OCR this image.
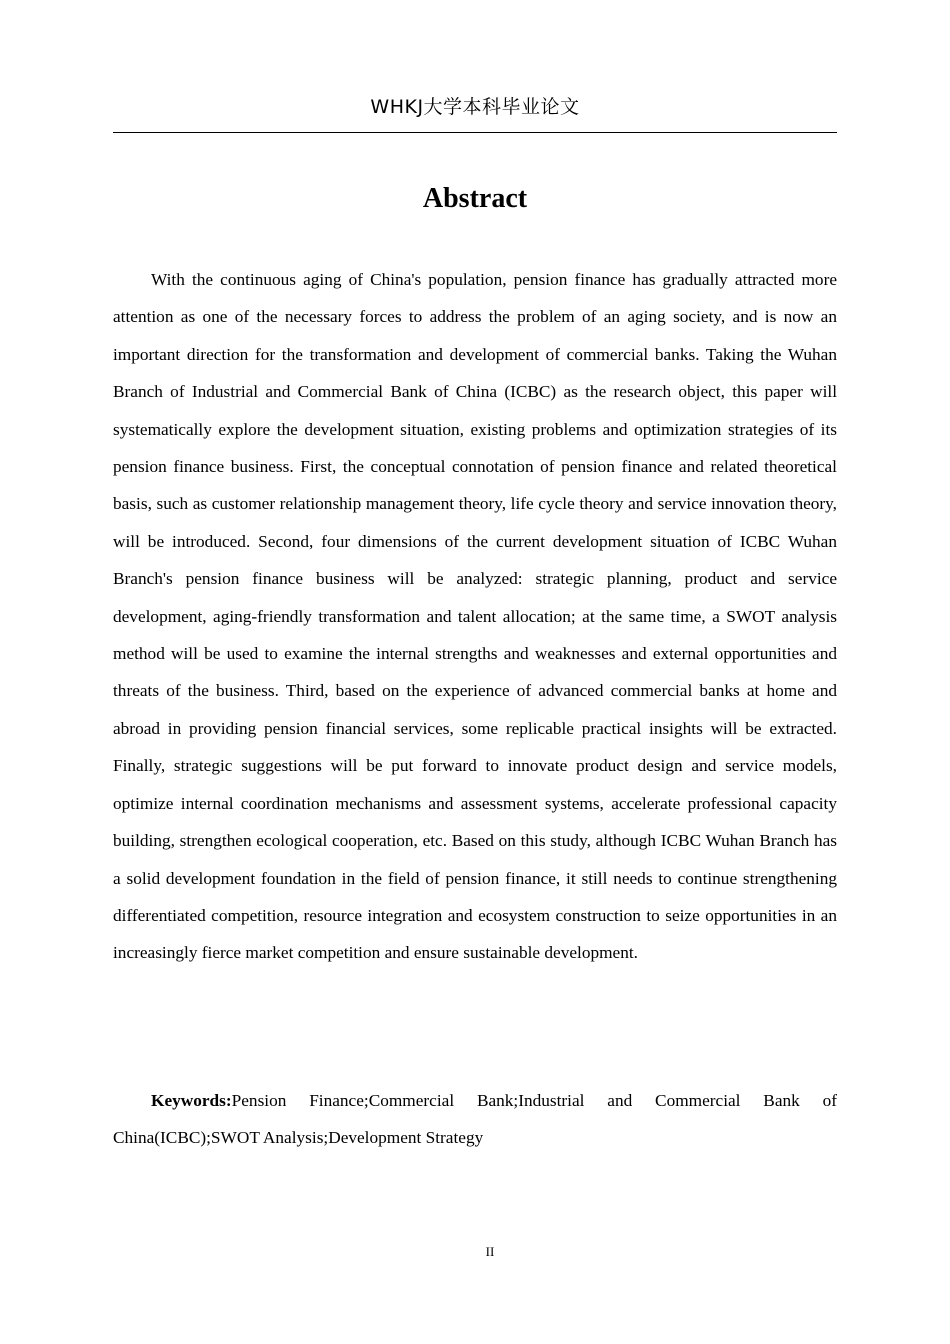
WHKJ大学本科毕业论文
Abstract

With the continuous aging of China's population, pension finance has gradually attracted more attention as one of the necessary forces to address the problem of an aging society, and is now an important direction for the transformation and development of commercial banks. Taking the Wuhan Branch of Industrial and Commercial Bank of China (ICBC) as the research object, this paper will systematically explore the development situation, existing problems and optimization strategies of its pension finance business. First, the conceptual connotation of pension finance and related theoretical basis, such as customer relationship management theory, life cycle theory and service innovation theory, will be introduced. Second, four dimensions of the current development situation of ICBC Wuhan Branch's pension finance business will be analyzed: strategic planning, product and service development, aging-friendly transformation and talent allocation; at the same time, a SWOT analysis method will be used to examine the internal strengths and weaknesses and external opportunities and threats of the business. Third, based on the experience of advanced commercial banks at home and abroad in providing pension financial services, some replicable practical insights will be extracted. Finally, strategic suggestions will be put forward to innovate product design and service models, optimize internal coordination mechanisms and assessment systems, accelerate professional capacity building, strengthen ecological cooperation, etc. Based on this study, although ICBC Wuhan Branch has a solid development foundation in the field of pension finance, it still needs to continue strengthening differentiated competition, resource integration and ecosystem construction to seize opportunities in an increasingly fierce market competition and ensure sustainable development.

Keywords:Pension Finance;Commercial Bank;Industrial and Commercial Bank of China(ICBC);SWOT Analysis;Development Strategy

II
